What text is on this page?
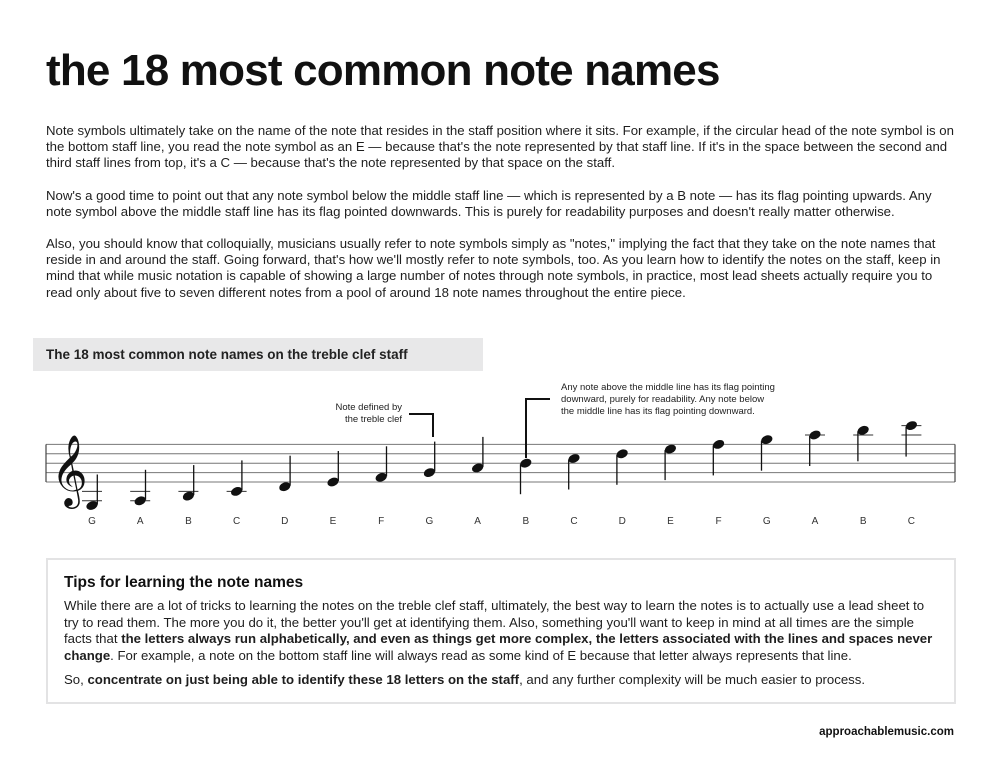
the 18 most common note names

Note symbols ultimately take on the name of the note that resides in the staff position where it sits. For example, if the circular head of the note symbol is on the bottom staff line, you read the note symbol as an E — because that's the note represented by that staff line. If it's in the space between the second and third staff lines from top, it's a C — because that's the note represented by that space on the staff.

Now's a good time to point out that any note symbol below the middle staff line — which is represented by a B note — has its flag pointing upwards. Any note symbol above the middle staff line has its flag pointed downwards. This is purely for readability purposes and doesn't really matter otherwise.

Also, you should know that colloquially, musicians usually refer to note symbols simply as "notes," implying the fact that they take on the note names that reside in and around the staff. Going forward, that's how we'll mostly refer to note symbols, too. As you learn how to identify the notes on the staff, keep in mind that while music notation is capable of showing a large number of notes through note symbols, in practice, most lead sheets actually require you to read only about five to seven different notes from a pool of around 18 note names throughout the entire piece.

The 18 most common note names on the treble clef staff
𝄞
Note defined by
the treble clef
Any note above the middle line has its flag pointing
downward, purely for readability. Any note below
the middle line has its flag pointing downward.
G	A	B	C	D	E	F	G	A	B	C	D	E	F	G	A	B	C
Tips for learning the note names

While there are a lot of tricks to learning the notes on the treble clef staff, ultimately, the best way to learn the notes is to actually use a lead sheet to try to read them. The more you do it, the better you'll get at identifying them. Also, something you'll want to keep in mind at all times are the simple facts that the letters always run alphabetically, and even as things get more complex, the letters associated with the lines and spaces never change. For example, a note on the bottom staff line will always read as some kind of E because that letter always represents that line.

So, concentrate on just being able to identify these 18 letters on the staff, and any further complexity will be much easier to process.

approachablemusic.com
